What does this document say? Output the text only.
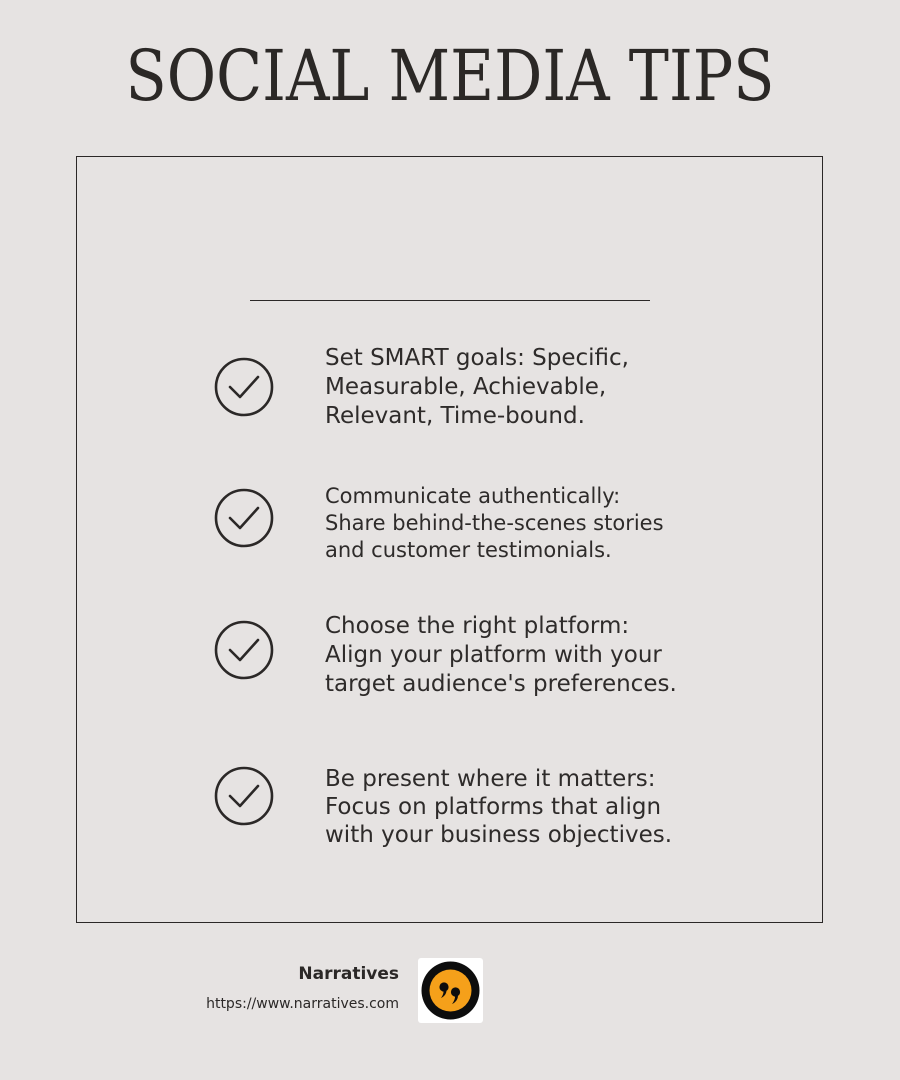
SOCIAL MEDIA TIPS
Set SMART goals: Specific,
Measurable, Achievable,
Relevant, Time-bound.
Communicate authentically:
Share behind-the-scenes stories
and customer testimonials.
Choose the right platform:
Align your platform with your
target audience's preferences.
Be present where it matters:
Focus on platforms that align
with your business objectives.
Narratives
https://www.narratives.com
